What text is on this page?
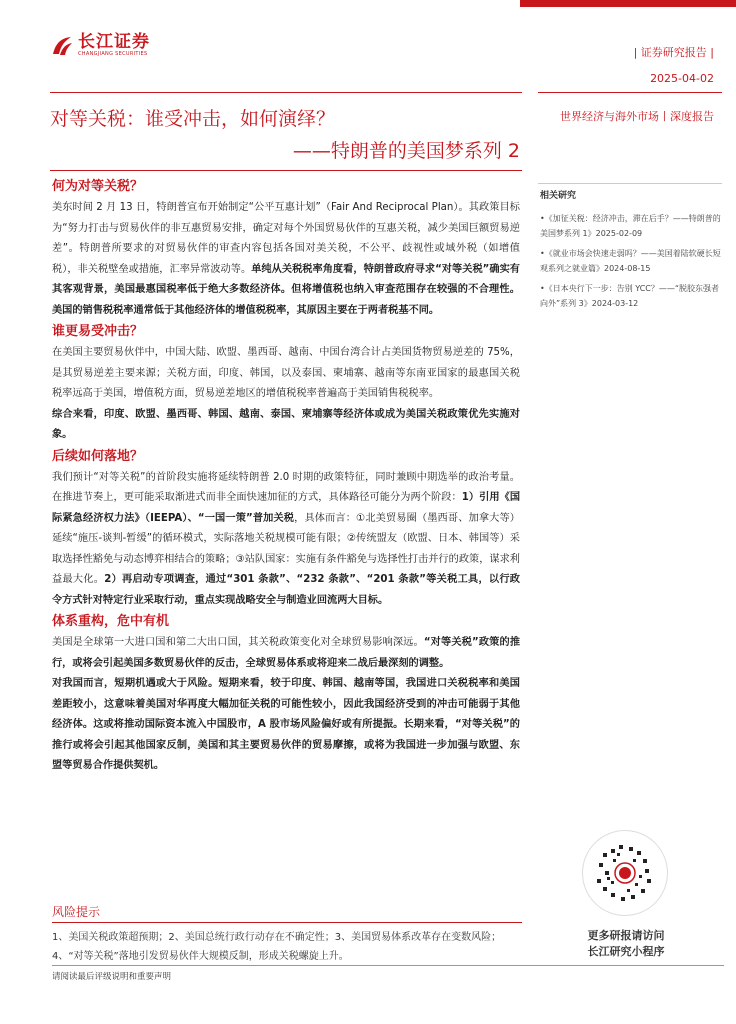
长江证券
CHANGJIANG SECURITIES	| 证券研究报告 |
2025-04-02
世界经济与海外市场丨深度报告
对等关税：谁受冲击，如何演绎？
——特朗普的美国梦系列 2
何为对等关税？

美东时间 2 月 13 日，特朗普宣布开始制定“公平互惠计划”（Fair And Reciprocal Plan）。其政策目标为“努力打击与贸易伙伴的非互惠贸易安排，确定对每个外国贸易伙伴的互惠关税，减少美国巨额贸易逆差”。特朗普所要求的对贸易伙伴的审查内容包括各国对美关税，不公平、歧视性或域外税（如增值税），非关税壁垒或措施，汇率异常波动等。单纯从关税税率角度看，特朗普政府寻求“对等关税”确实有其客观背景，美国最惠国税率低于绝大多数经济体。但将增值税也纳入审查范围存在较强的不合理性。美国的销售税税率通常低于其他经济体的增值税税率，其原因主要在于两者税基不同。

谁更易受冲击？

在美国主要贸易伙伴中，中国大陆、欧盟、墨西哥、越南、中国台湾合计占美国货物贸易逆差的 75%，是其贸易逆差主要来源；关税方面，印度、韩国，以及泰国、柬埔寨、越南等东南亚国家的最惠国关税税率远高于美国，增值税方面，贸易逆差地区的增值税税率普遍高于美国销售税税率。

综合来看，印度、欧盟、墨西哥、韩国、越南、泰国、柬埔寨等经济体或成为美国关税政策优先实施对象。

后续如何落地？

我们预计“对等关税”的首阶段实施将延续特朗普 2.0 时期的政策特征，同时兼顾中期选举的政治考量。在推进节奏上，更可能采取渐进式而非全面快速加征的方式，具体路径可能分为两个阶段：1）引用《国际紧急经济权力法》（IEEPA）、“一国一策”普加关税，具体而言：①北美贸易圈（墨西哥、加拿大等）延续“施压-谈判-暂缓”的循环模式，实际落地关税规模可能有限；②传统盟友（欧盟、日本、韩国等）采取选择性豁免与动态博弈相结合的策略；③站队国家：实施有条件豁免与选择性打击并行的政策，谋求利益最大化。2）再启动专项调查，通过“301 条款”、“232 条款”、“201 条款”等关税工具，以行政令方式针对特定行业采取行动，重点实现战略安全与制造业回流两大目标。

体系重构，危中有机

美国是全球第一大进口国和第二大出口国，其关税政策变化对全球贸易影响深远。“对等关税”政策的推行，或将会引起美国多数贸易伙伴的反击，全球贸易体系或将迎来二战后最深刻的调整。

对我国而言，短期机遇或大于风险。短期来看，较于印度、韩国、越南等国，我国进口关税税率和美国差距较小，这意味着美国对华再度大幅加征关税的可能性较小，因此我国经济受到的冲击可能弱于其他经济体。这或将推动国际资本流入中国股市，A 股市场风险偏好或有所提振。长期来看，“对等关税”的推行或将会引起其他国家反制，美国和其主要贸易伙伴的贸易摩擦，或将为我国进一步加强与欧盟、东盟等贸易合作提供契机。

相关研究
•《加征关税：经济冲击，滞在后手？——特朗普的美国梦系列 1》2025-02-09
•《就业市场会快速走弱吗？——美国着陆软硬长短观系列之就业篇》2024-08-15
•《日本央行下一步：告别 YCC？——“脱胶东强者向外”系列 3》2024-03-12
更多研报请访问
长江研究小程序
风险提示

1、美国关税政策超预期；2、美国总统行政行动存在不确定性；3、美国贸易体系改革存在变数风险；4、“对等关税”落地引发贸易伙伴大规模反制，形成关税螺旋上升。

请阅读最后评级说明和重要声明
